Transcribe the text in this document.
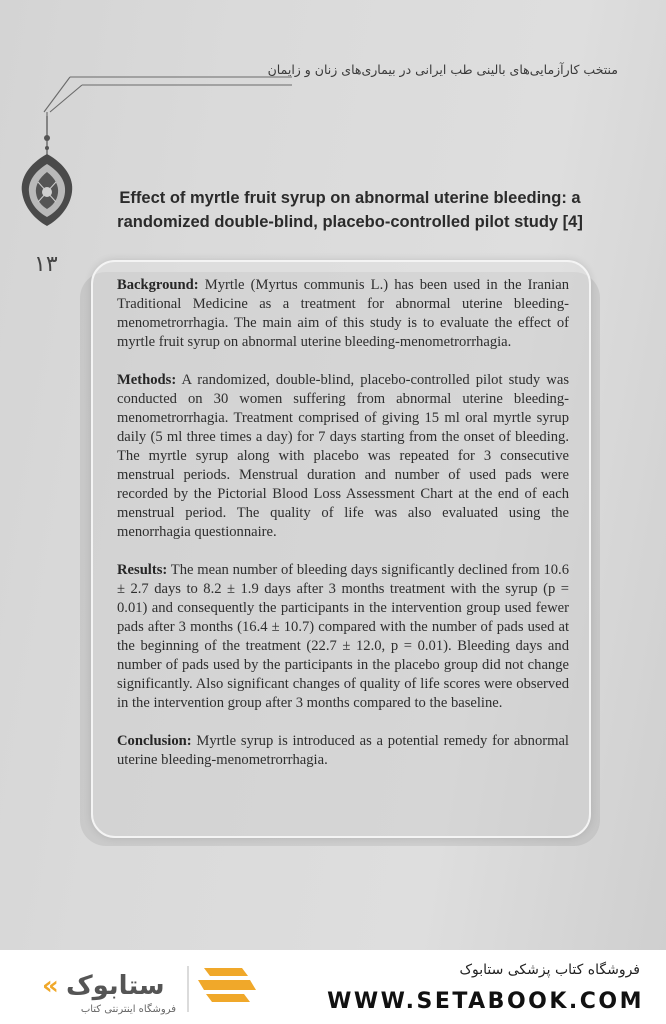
منتخب کارآزمایی‌های بالینی طب ایرانی در بیماری‌های زنان و زایمان
۱۳
Effect of myrtle fruit syrup on abnormal uterine bleeding: a randomized double-blind, placebo-controlled pilot study [4]

Background: Myrtle (Myrtus communis L.) has been used in the Iranian Traditional Medicine as a treatment for abnormal uterine bleeding-menometrorrhagia. The main aim of this study is to evaluate the effect of myrtle fruit syrup on abnormal uterine bleeding-menometrorrhagia.

Methods: A randomized, double-blind, placebo-controlled pilot study was conducted on 30 women suffering from abnormal uterine bleeding-menometrorrhagia. Treatment comprised of giving 15 ml oral myrtle syrup daily (5 ml three times a day) for 7 days starting from the onset of bleeding. The myrtle syrup along with placebo was repeated for 3 consecutive menstrual periods. Menstrual duration and number of used pads were recorded by the Pictorial Blood Loss Assessment Chart at the end of each menstrual period. The quality of life was also evaluated using the menorrhagia questionnaire.

Results: The mean number of bleeding days significantly declined from 10.6 ± 2.7 days to 8.2 ± 1.9 days after 3 months treatment with the syrup (p = 0.01) and consequently the participants in the intervention group used fewer pads after 3 months (16.4 ± 10.7) compared with the number of pads used at the beginning of the treatment (22.7 ± 12.0, p = 0.01). Bleeding days and number of pads used by the participants in the placebo group did not change significantly. Also significant changes of quality of life scores were observed in the intervention group after 3 months compared to the baseline.

Conclusion: Myrtle syrup is introduced as a potential remedy for abnormal uterine bleeding-menometrorrhagia.

« ستابوک
فروشگاه اینترنتی کتاب
فروشگاه کتاب پزشکی ستابوک
WWW.SETABOOK.COM
